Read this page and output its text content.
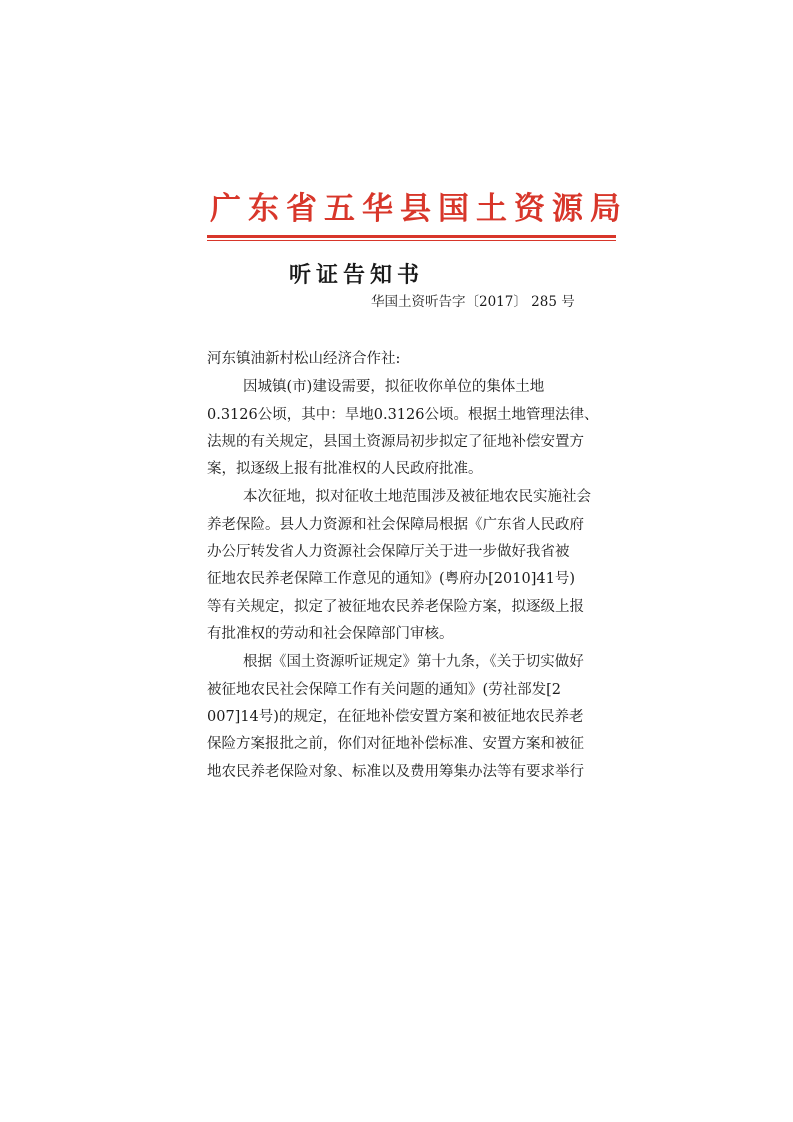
广东省五华县国土资源局
听证告知书
华国土资听告字〔2017〕 285 号
河东镇油新村松山经济合作社:
因城镇(市)建设需要，拟征收你单位的集体土地
0.3126公顷，其中：旱地0.3126公顷。根据土地管理法律、
法规的有关规定，县国土资源局初步拟定了征地补偿安置方
案，拟逐级上报有批准权的人民政府批准。
本次征地，拟对征收土地范围涉及被征地农民实施社会
养老保险。县人力资源和社会保障局根据《广东省人民政府
办公厅转发省人力资源社会保障厅关于进一步做好我省被
征地农民养老保障工作意见的通知》(粤府办[2010]41号)
等有关规定，拟定了被征地农民养老保险方案，拟逐级上报
有批准权的劳动和社会保障部门审核。
根据《国土资源听证规定》第十九条，《关于切实做好
被征地农民社会保障工作有关问题的通知》(劳社部发[2
007]14号)的规定，在征地补偿安置方案和被征地农民养老
保险方案报批之前，你们对征地补偿标准、安置方案和被征
地农民养老保险对象、标准以及费用筹集办法等有要求举行
